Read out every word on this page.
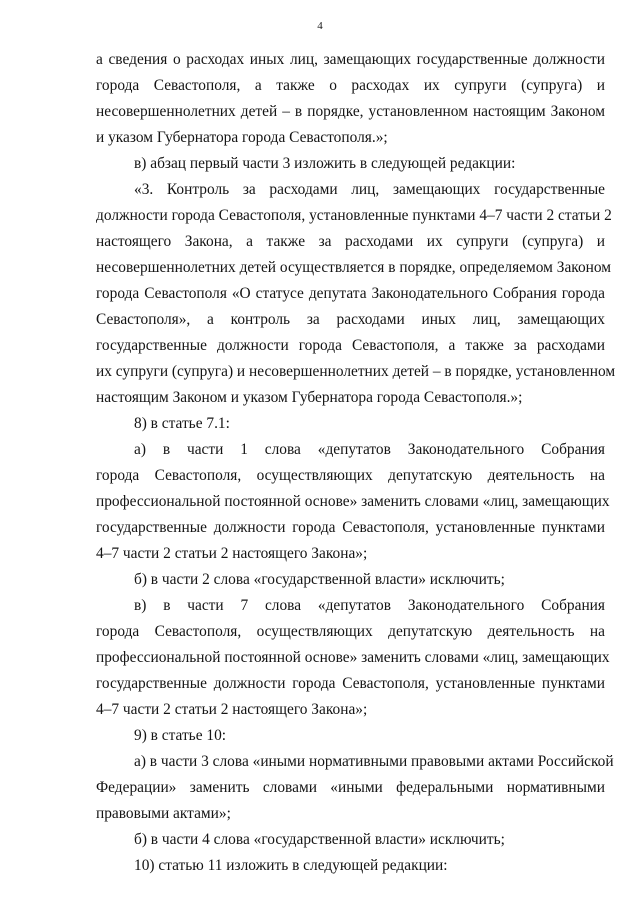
4
а сведения о расходах иных лиц, замещающих государственные должности
города Севастополя, а также о расходах их супруги (супруга) и
несовершеннолетних детей – в порядке, установленном настоящим Законом
и указом Губернатора города Севастополя.»;
в) абзац первый части 3 изложить в следующей редакции:
«3. Контроль за расходами лиц, замещающих государственные
должности города Севастополя, установленные пунктами 4–7 части 2 статьи 2
настоящего Закона, а также за расходами их супруги (супруга) и
несовершеннолетних детей осуществляется в порядке, определяемом Законом
города Севастополя «О статусе депутата Законодательного Собрания города
Севастополя», а контроль за расходами иных лиц, замещающих
государственные должности города Севастополя, а также за расходами
их супруги (супруга) и несовершеннолетних детей – в порядке, установленном
настоящим Законом и указом Губернатора города Севастополя.»;
8) в статье 7.1:
а) в части 1 слова «депутатов Законодательного Собрания
города Севастополя, осуществляющих депутатскую деятельность на
профессиональной постоянной основе» заменить словами «лиц, замещающих
государственные должности города Севастополя, установленные пунктами
4–7 части 2 статьи 2 настоящего Закона»;
б) в части 2 слова «государственной власти» исключить;
в) в части 7 слова «депутатов Законодательного Собрания
города Севастополя, осуществляющих депутатскую деятельность на
профессиональной постоянной основе» заменить словами «лиц, замещающих
государственные должности города Севастополя, установленные пунктами
4–7 части 2 статьи 2 настоящего Закона»;
9) в статье 10:
а) в части 3 слова «иными нормативными правовыми актами Российской
Федерации» заменить словами «иными федеральными нормативными
правовыми актами»;
б) в части 4 слова «государственной власти» исключить;
10) статью 11 изложить в следующей редакции:
